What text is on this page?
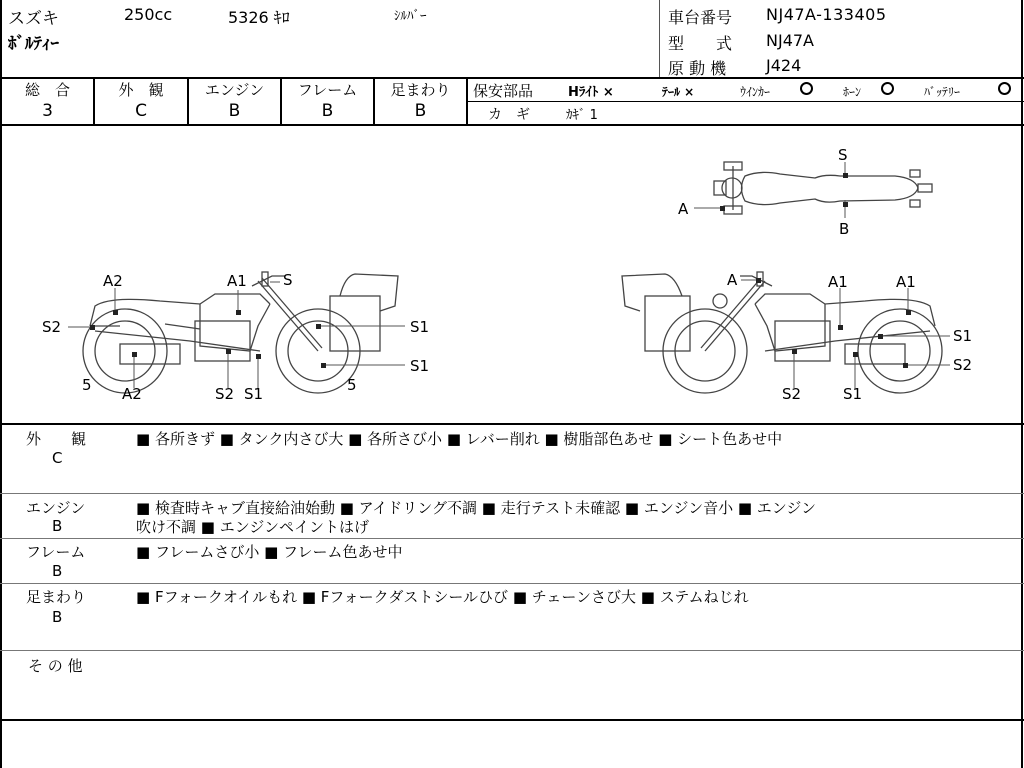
スズキ	250cc	5326 ｷﾛ	ｼﾙﾊﾞｰ
ﾎﾞﾙﾃｨｰ
車台番号 NJ47A-133405
型　　式 NJ47A
原 動 機 J424
総　合
3
外　観
C
エンジン
B
フレーム
B
足まわり
B
保安部品	Hﾗｲﾄ ×	ﾃｰﾙ ×	ｳｲﾝｶｰ	ﾎｰﾝ	ﾊﾞｯﾃﾘｰ
カ　ギ	ｶｷﾞ 1
S
A
B
A2	A1 S
S2	S1
S1
5 A2	S2 S1	5
A	A1	A1
S1
S2
S2	S1
外　　観
C
■ 各所きず ■ タンク内さび大 ■ 各所さび小 ■ レバー削れ ■ 樹脂部色あせ ■ シート色あせ中
エンジン
B
■ 検査時キャブ直接給油始動 ■ アイドリング不調 ■ 走行テスト未確認 ■ エンジン音小 ■ エンジン
吹け不調 ■ エンジンペイントはげ
フレーム
B
■ フレームさび小 ■ フレーム色あせ中
足まわり
B
■ Fフォークオイルもれ ■ Fフォークダストシールひび ■ チェーンさび大 ■ ステムねじれ
そ の 他
